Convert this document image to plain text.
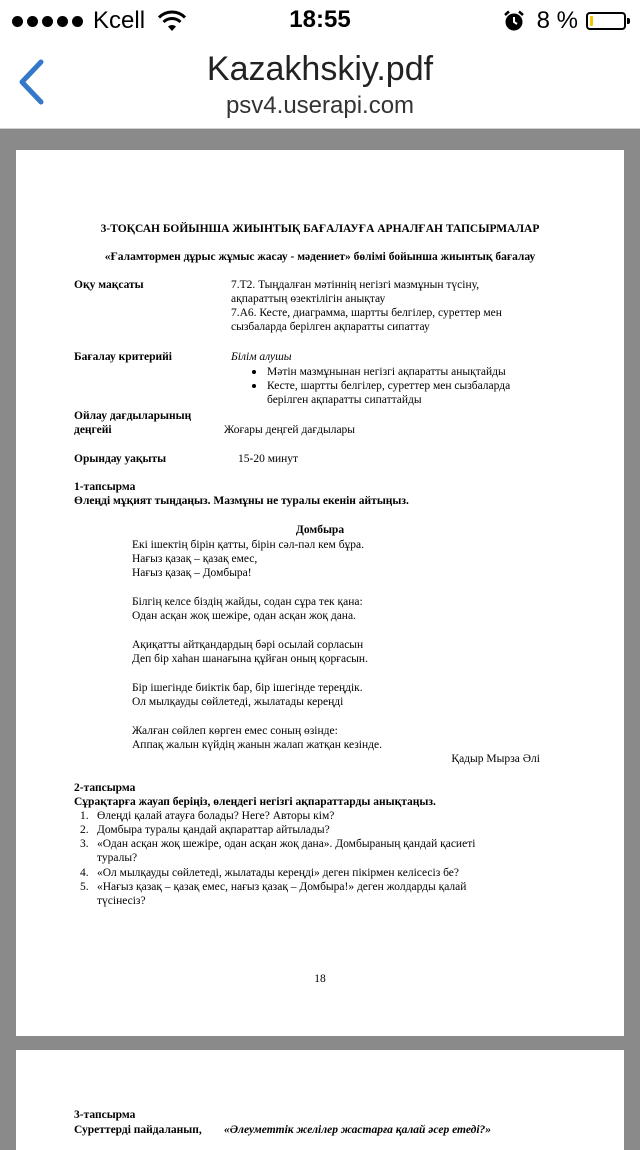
Kcell	18:55	8 %
Kazakhskiy.pdf
psv4.userapi.com
3-ТОҚСАН БОЙЫНША ЖИЫНТЫҚ БАҒАЛАУҒА АРНАЛҒАН ТАПСЫРМАЛАР
«Ғаламтормен дұрыс жұмыс жасау - мәдениет» бөлімі бойынша жиынтық бағалау
Оқу мақсаты	7.Т2. Тыңдалған мәтіннің негізгі мазмұнын түсіну,
ақпараттың өзектілігін анықтау
7.А6. Кесте, диаграмма, шартты белгілер, суреттер мен
сызбаларда берілген ақпаратты сипаттау
Бағалау критерийі	Білім алушы
Мәтін мазмұнынан негізгі ақпаратты анықтайды
Кесте, шартты белгілер, суреттер мен сызбаларда
берілген ақпаратты сипаттайды
Ойлау дағдыларының
деңгейі	Жоғары деңгей дағдылары
Орындау уақыты	15-20 минут
1-тапсырма
Өлеңді мұқият тыңдаңыз. Мазмұны не туралы екенін айтыңыз.
Домбыра
Екі ішектің бірін қатты, бірін сәл-пәл кем бұра.
Нағыз қазақ – қазақ емес,
Нағыз қазақ – Домбыра!
Білгің келсе біздің жайды, содан сұра тек қана:
Одан асқан жоқ шежіре, одан асқан жоқ дана.
Ақиқатты айтқандардың бәрі осылай сорласын
Деп бір хаһан шанағына құйған оның қорғасын.
Бір ішегінде биіктік бар, бір ішегінде тереңдік.
Ол мылқауды сөйлетеді, жылатады кереңді
Жалған сөйлеп көрген емес соның өзінде:
Аппақ жалын күйдің жанын жалап жатқан кезінде.
Қадыр Мырза Әлі
2-тапсырма
Сұрақтарға жауап беріңіз, өлеңдегі негізгі ақпараттарды анықтаңыз.
1. Өлеңді қалай атауға болады? Неге? Авторы кім?
2. Домбыра туралы қандай ақпараттар айтылады?
3. «Одан асқан жоқ шежіре, одан асқан жоқ дана». Домбыраның қандай қасиеті
туралы?
4. «Ол мылқауды сөйлетеді, жылатады кереңді» деген пікірмен келісесіз бе?
5. «Нағыз қазақ – қазақ емес, нағыз қазақ – Домбыра!» деген жолдарды қалай
түсінесіз?
18
3-тапсырма
Суреттерді пайдаланып, «Әлеуметтік желілер жастарға қалай әсер етеді?»
